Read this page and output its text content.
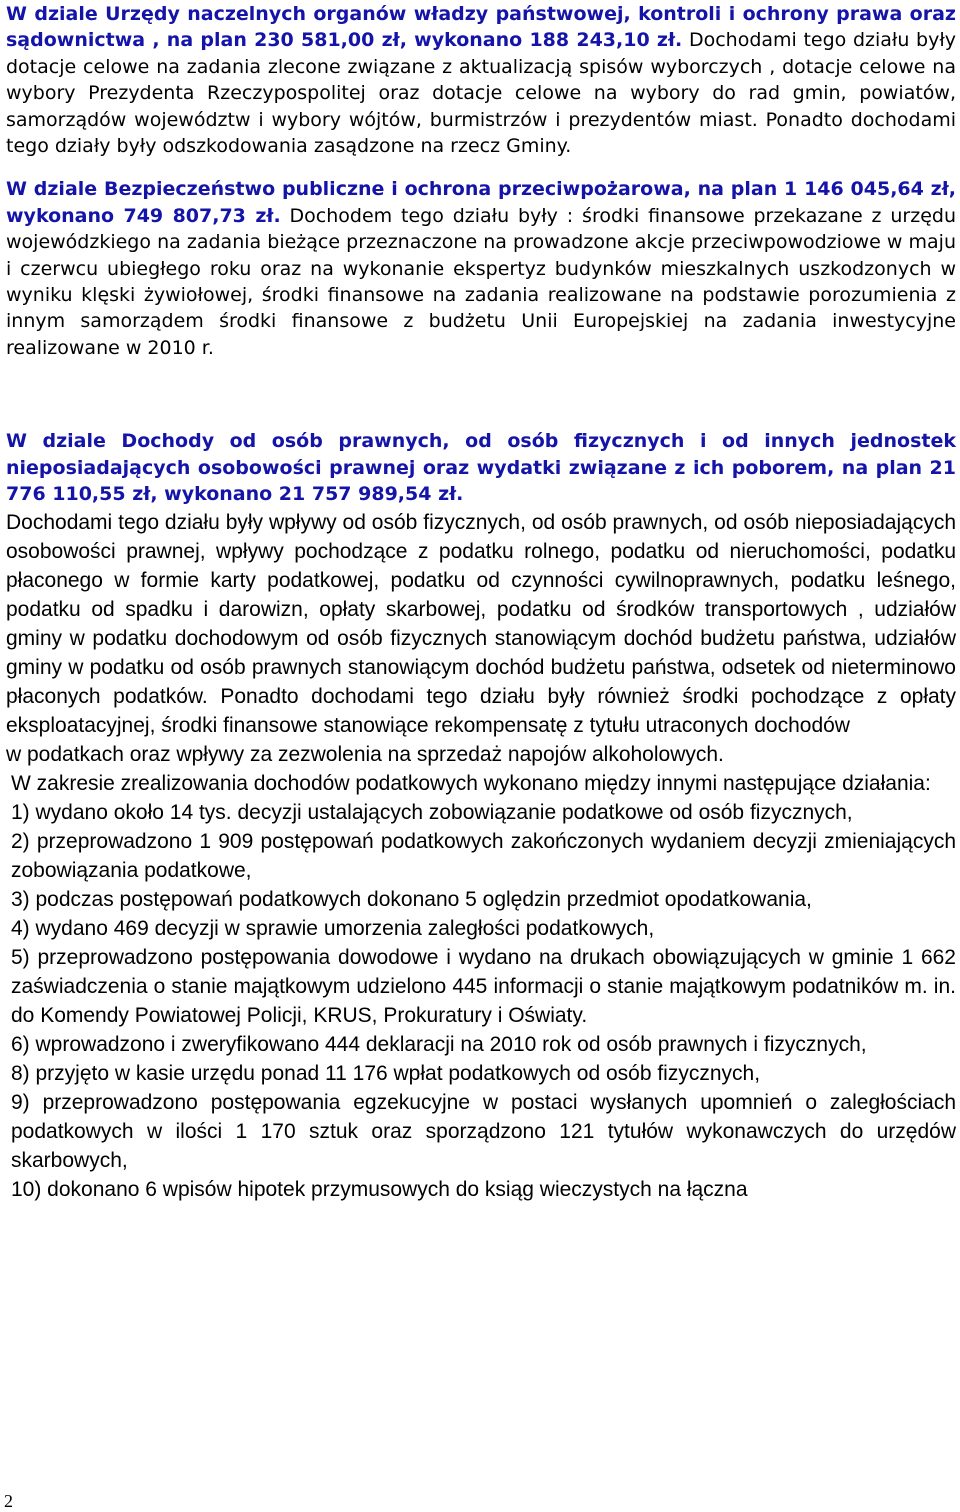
W dziale Urzędy naczelnych organów władzy państwowej, kontroli i ochrony prawa oraz sądownictwa , na plan 230 581,00 zł, wykonano 188 243,10 zł. Dochodami tego działu były dotacje celowe na zadania zlecone związane z aktualizacją spisów wyborczych , dotacje celowe na wybory Prezydenta Rzeczypospolitej oraz dotacje celowe na wybory do rad gmin, powiatów, samorządów województw i wybory wójtów, burmistrzów i prezydentów miast. Ponadto dochodami tego działy były odszkodowania zasądzone na rzecz Gminy.
W dziale Bezpieczeństwo publiczne i ochrona przeciwpożarowa, na plan 1 146 045,64 zł, wykonano 749 807,73 zł. Dochodem tego działu były : środki finansowe przekazane z urzędu wojewódzkiego na zadania bieżące przeznaczone na prowadzone akcje przeciwpowodziowe w maju i czerwcu ubiegłego roku oraz na wykonanie ekspertyz budynków mieszkalnych uszkodzonych w wyniku klęski żywiołowej, środki finansowe na zadania realizowane na podstawie porozumienia z innym samorządem środki finansowe z budżetu Unii Europejskiej na zadania inwestycyjne realizowane w 2010 r.
W dziale Dochody od osób prawnych, od osób fizycznych i od innych jednostek nieposiadających osobowości prawnej oraz wydatki związane z ich poborem, na plan 21 776 110,55 zł, wykonano 21 757 989,54 zł.
Dochodami tego działu były wpływy od osób fizycznych, od osób prawnych, od osób nieposiadających osobowości prawnej, wpływy pochodzące z podatku rolnego, podatku od nieruchomości, podatku płaconego w formie karty podatkowej, podatku od czynności cywilnoprawnych, podatku leśnego, podatku od spadku i darowizn, opłaty skarbowej, podatku od środków transportowych , udziałów gminy w podatku dochodowym od osób fizycznych stanowiącym dochód budżetu państwa, udziałów gminy w podatku od osób prawnych stanowiącym dochód budżetu państwa, odsetek od nieterminowo płaconych podatków. Ponadto dochodami tego działu były również środki pochodzące z opłaty eksploatacyjnej, środki finansowe stanowiące rekompensatę z tytułu utraconych dochodów
w podatkach oraz wpływy za zezwolenia na sprzedaż napojów alkoholowych.
W zakresie zrealizowania dochodów podatkowych wykonano między innymi następujące działania:
1) wydano około 14 tys. decyzji ustalających zobowiązanie podatkowe od osób fizycznych,
2) przeprowadzono 1 909 postępowań podatkowych zakończonych wydaniem decyzji zmieniających zobowiązania podatkowe,
3) podczas postępowań podatkowych dokonano 5 oględzin przedmiot opodatkowania,
4) wydano 469 decyzji w sprawie umorzenia zaległości podatkowych,
5) przeprowadzono postępowania dowodowe i wydano na drukach obowiązujących w gminie 1 662 zaświadczenia o stanie majątkowym udzielono 445 informacji o stanie majątkowym podatników m. in. do Komendy Powiatowej Policji, KRUS, Prokuratury i Oświaty.
6) wprowadzono i zweryfikowano 444 deklaracji na 2010 rok od osób prawnych i fizycznych,
8) przyjęto w kasie urzędu ponad 11 176 wpłat podatkowych od osób fizycznych,
9) przeprowadzono postępowania egzekucyjne w postaci wysłanych upomnień o zaległościach podatkowych w ilości 1 170 sztuk oraz sporządzono 121 tytułów wykonawczych do urzędów skarbowych,
10) dokonano 6 wpisów hipotek przymusowych do ksiąg wieczystych na łączna
2
